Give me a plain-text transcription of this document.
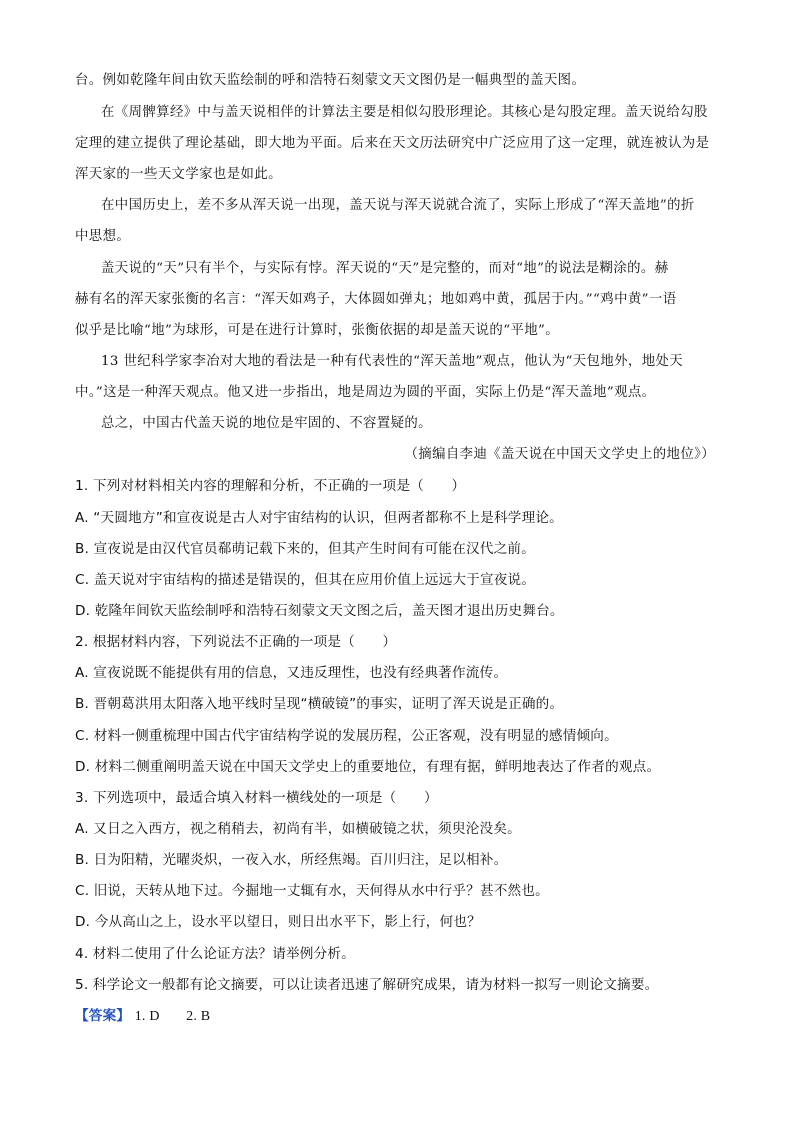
台。例如乾隆年间由钦天监绘制的呼和浩特石刻蒙文天文图仍是一幅典型的盖天图。
在《周髀算经》中与盖天说相伴的计算法主要是相似勾股形理论。其核心是勾股定理。盖天说给勾股
定理的建立提供了理论基础，即大地为平面。后来在天文历法研究中广泛应用了这一定理，就连被认为是
浑天家的一些天文学家也是如此。
在中国历史上，差不多从浑天说一出现，盖天说与浑天说就合流了，实际上形成了“浑天盖地”的折
中思想。
盖天说的“天”只有半个，与实际有悖。浑天说的“天”是完整的，而对“地”的说法是糊涂的。赫
赫有名的浑天家张衡的名言：“浑天如鸡子，大体圆如弹丸；地如鸡中黄，孤居于内。”“鸡中黄”一语
似乎是比喻“地”为球形，可是在进行计算时，张衡依据的却是盖天说的“平地”。
13 世纪科学家李冶对大地的看法是一种有代表性的“浑天盖地”观点，他认为“天包地外，地处天
中。”这是一种浑天观点。他又进一步指出，地是周边为圆的平面，实际上仍是“浑天盖地”观点。
总之，中国古代盖天说的地位是牢固的、不容置疑的。
（摘编自李迪《盖天说在中国天文学史上的地位》）
1. 下列对材料相关内容的理解和分析，不正确的一项是（　　）
A. “天圆地方”和宣夜说是古人对宇宙结构的认识，但两者都称不上是科学理论。
B. 宣夜说是由汉代官员郗萌记载下来的，但其产生时间有可能在汉代之前。
C. 盖天说对宇宙结构的描述是错误的，但其在应用价值上远远大于宣夜说。
D. 乾隆年间钦天监绘制呼和浩特石刻蒙文天文图之后，盖天图才退出历史舞台。
2. 根据材料内容，下列说法不正确的一项是（　　）
A. 宣夜说既不能提供有用的信息，又违反理性，也没有经典著作流传。
B. 晋朝葛洪用太阳落入地平线时呈现“横破镜”的事实，证明了浑天说是正确的。
C. 材料一侧重梳理中国古代宇宙结构学说的发展历程，公正客观，没有明显的感情倾向。
D. 材料二侧重阐明盖天说在中国天文学史上的重要地位，有理有据，鲜明地表达了作者的观点。
3. 下列选项中，最适合填入材料一横线处的一项是（　　）
A. 又日之入西方，视之稍稍去，初尚有半，如横破镜之状，须臾沦没矣。
B. 日为阳精，光曜炎炽，一夜入水，所经焦竭。百川归注，足以相补。
C. 旧说，天转从地下过。今掘地一丈辄有水，天何得从水中行乎？甚不然也。
D. 今从高山之上，设水平以望日，则日出水平下，影上行，何也？
4. 材料二使用了什么论证方法？请举例分析。
5. 科学论文一般都有论文摘要，可以让读者迅速了解研究成果，请为材料一拟写一则论文摘要。
【答案】 1. D 2. B
